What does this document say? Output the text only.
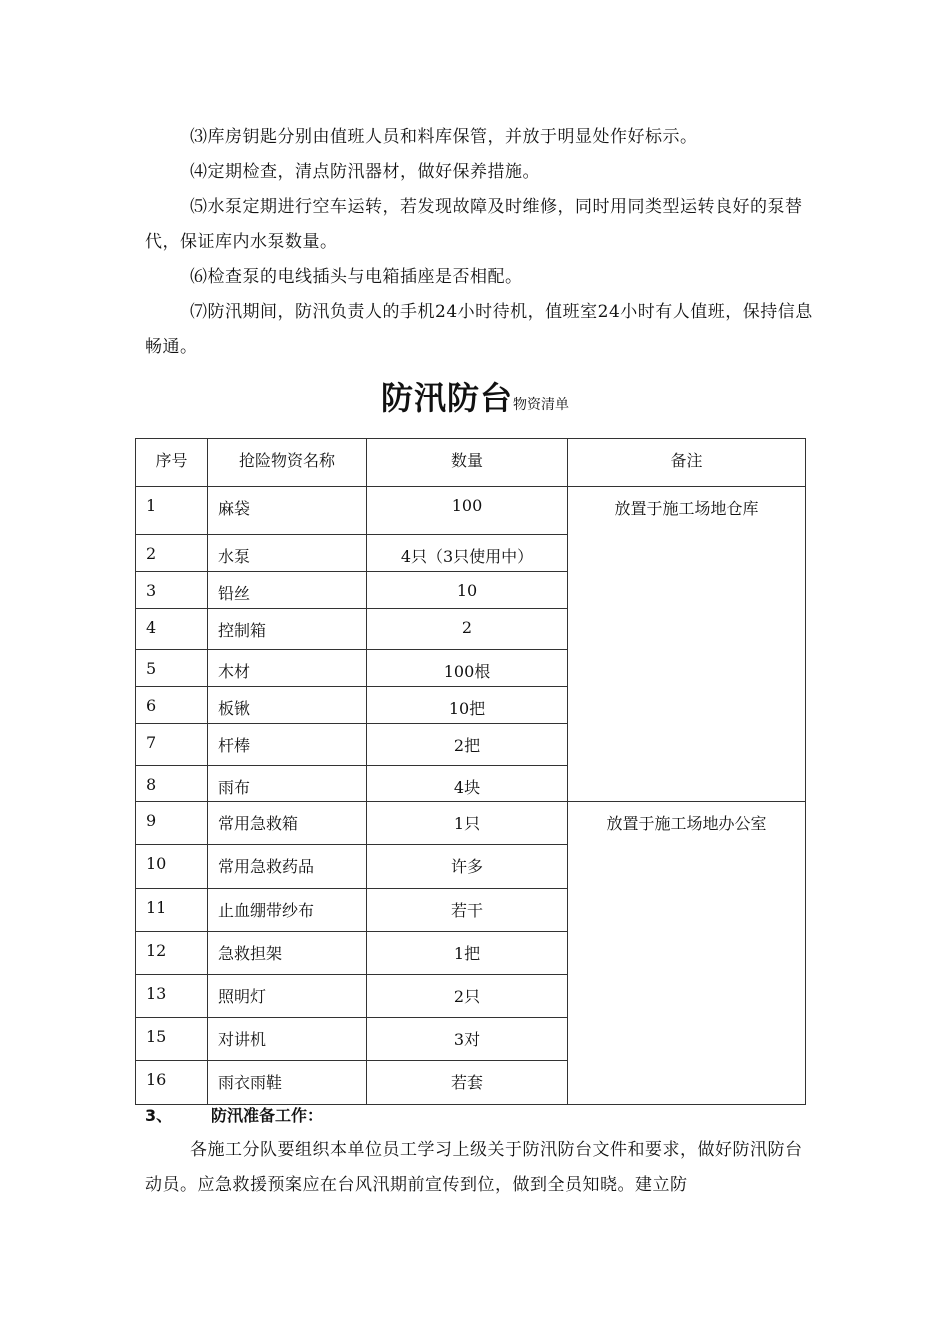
⑶库房钥匙分别由值班人员和料库保管，并放于明显处作好标示。

⑷定期检查，清点防汛器材，做好保养措施。

⑸水泵定期进行空车运转，若发现故障及时维修，同时用同类型运转良好的泵替代，保证库内水泵数量。

⑹检查泵的电线插头与电箱插座是否相配。

⑺防汛期间，防汛负责人的手机24小时待机，值班室24小时有人值班，保持信息畅通。

防汛防台物资清单
序号	抢险物资名称	数量	备注
1	麻袋	100	放置于施工场地仓库
2	水泵	4只（3只使用中）	
3	铅丝	10	
4	控制箱	2	
5	木材	100根	
6	板锹	10把	
7	杆棒	2把	
8	雨布	4块	
9	常用急救箱	1只	放置于施工场地办公室
10	常用急救药品	许多	
11	止血绷带纱布	若干	
12	急救担架	1把	
13	照明灯	2只	
15	对讲机	3对	
16	雨衣雨鞋	若套	
3、 防汛准备工作：

各施工分队要组织本单位员工学习上级关于防汛防台文件和要求，做好防汛防台动员。应急救援预案应在台风汛期前宣传到位，做到全员知晓。建立防
